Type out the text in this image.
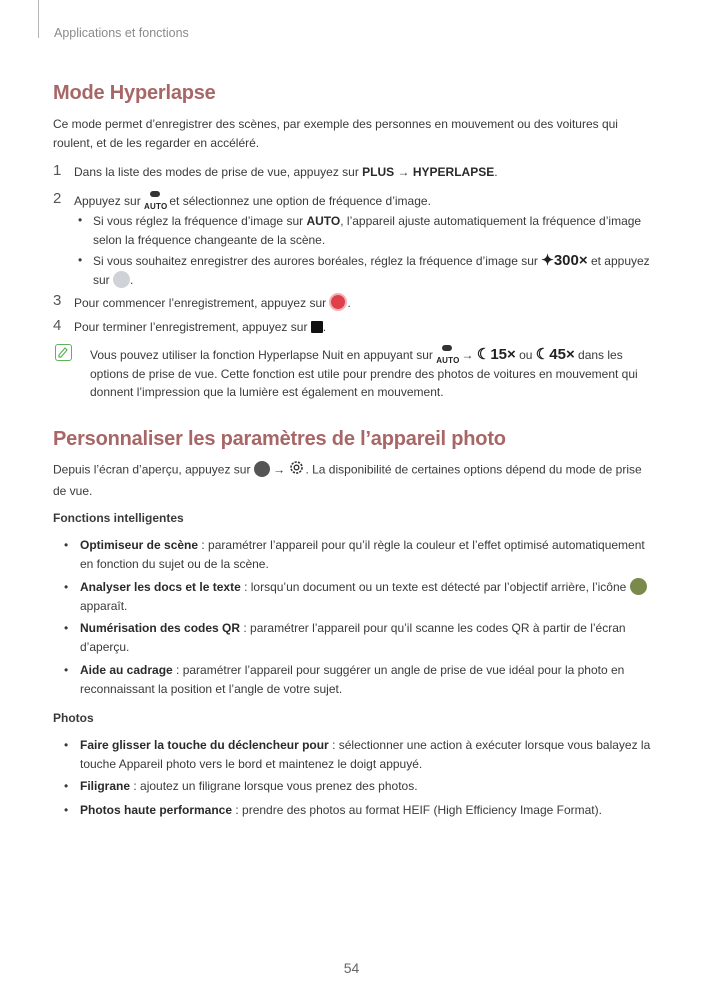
Applications et fonctions
Mode Hyperlapse
Ce mode permet d’enregistrer des scènes, par exemple des personnes en mouvement ou des voitures qui roulent, et de les regarder en accéléré.
1 Dans la liste des modes de prise de vue, appuyez sur PLUS → HYPERLAPSE.
2 Appuyez sur AUTO
et sélectionnez une option de fréquence d’image.
• Si vous réglez la fréquence d’image sur AUTO, l’appareil ajuste automatiquement la fréquence d’image selon la fréquence changeante de la scène.
• Si vous souhaitez enregistrer des aurores boréales, réglez la fréquence d’image sur ✦300× et appuyez sur .
3 Pour commencer l’enregistrement, appuyez sur .
4 Pour terminer l’enregistrement, appuyez sur .
Vous pouvez utiliser la fonction Hyperlapse Nuit en appuyant sur AUTO
→ ☾15× ou ☾45× dans les options de prise de vue. Cette fonction est utile pour prendre des photos de voitures en mouvement qui donnent l’impression que la lumière est également en mouvement.
Personnaliser les paramètres de l’appareil photo
Depuis l’écran d’aperçu, appuyez sur  → . La disponibilité de certaines options dépend du mode de prise de vue.
Fonctions intelligentes
• Optimiseur de scène : paramétrer l’appareil pour qu’il règle la couleur et l’effet optimisé automatiquement en fonction du sujet ou de la scène.
• Analyser les docs et le texte : lorsqu’un document ou un texte est détecté par l’objectif arrière, l’icône  apparaît.
• Numérisation des codes QR : paramétrer l’appareil pour qu’il scanne les codes QR à partir de l’écran d’aperçu.
• Aide au cadrage : paramétrer l’appareil pour suggérer un angle de prise de vue idéal pour la photo en reconnaissant la position et l’angle de votre sujet.
Photos
• Faire glisser la touche du déclencheur pour : sélectionner une action à exécuter lorsque vous balayez la touche Appareil photo vers le bord et maintenez le doigt appuyé.
• Filigrane : ajoutez un filigrane lorsque vous prenez des photos.
• Photos haute performance : prendre des photos au format HEIF (High Efficiency Image Format).
54
